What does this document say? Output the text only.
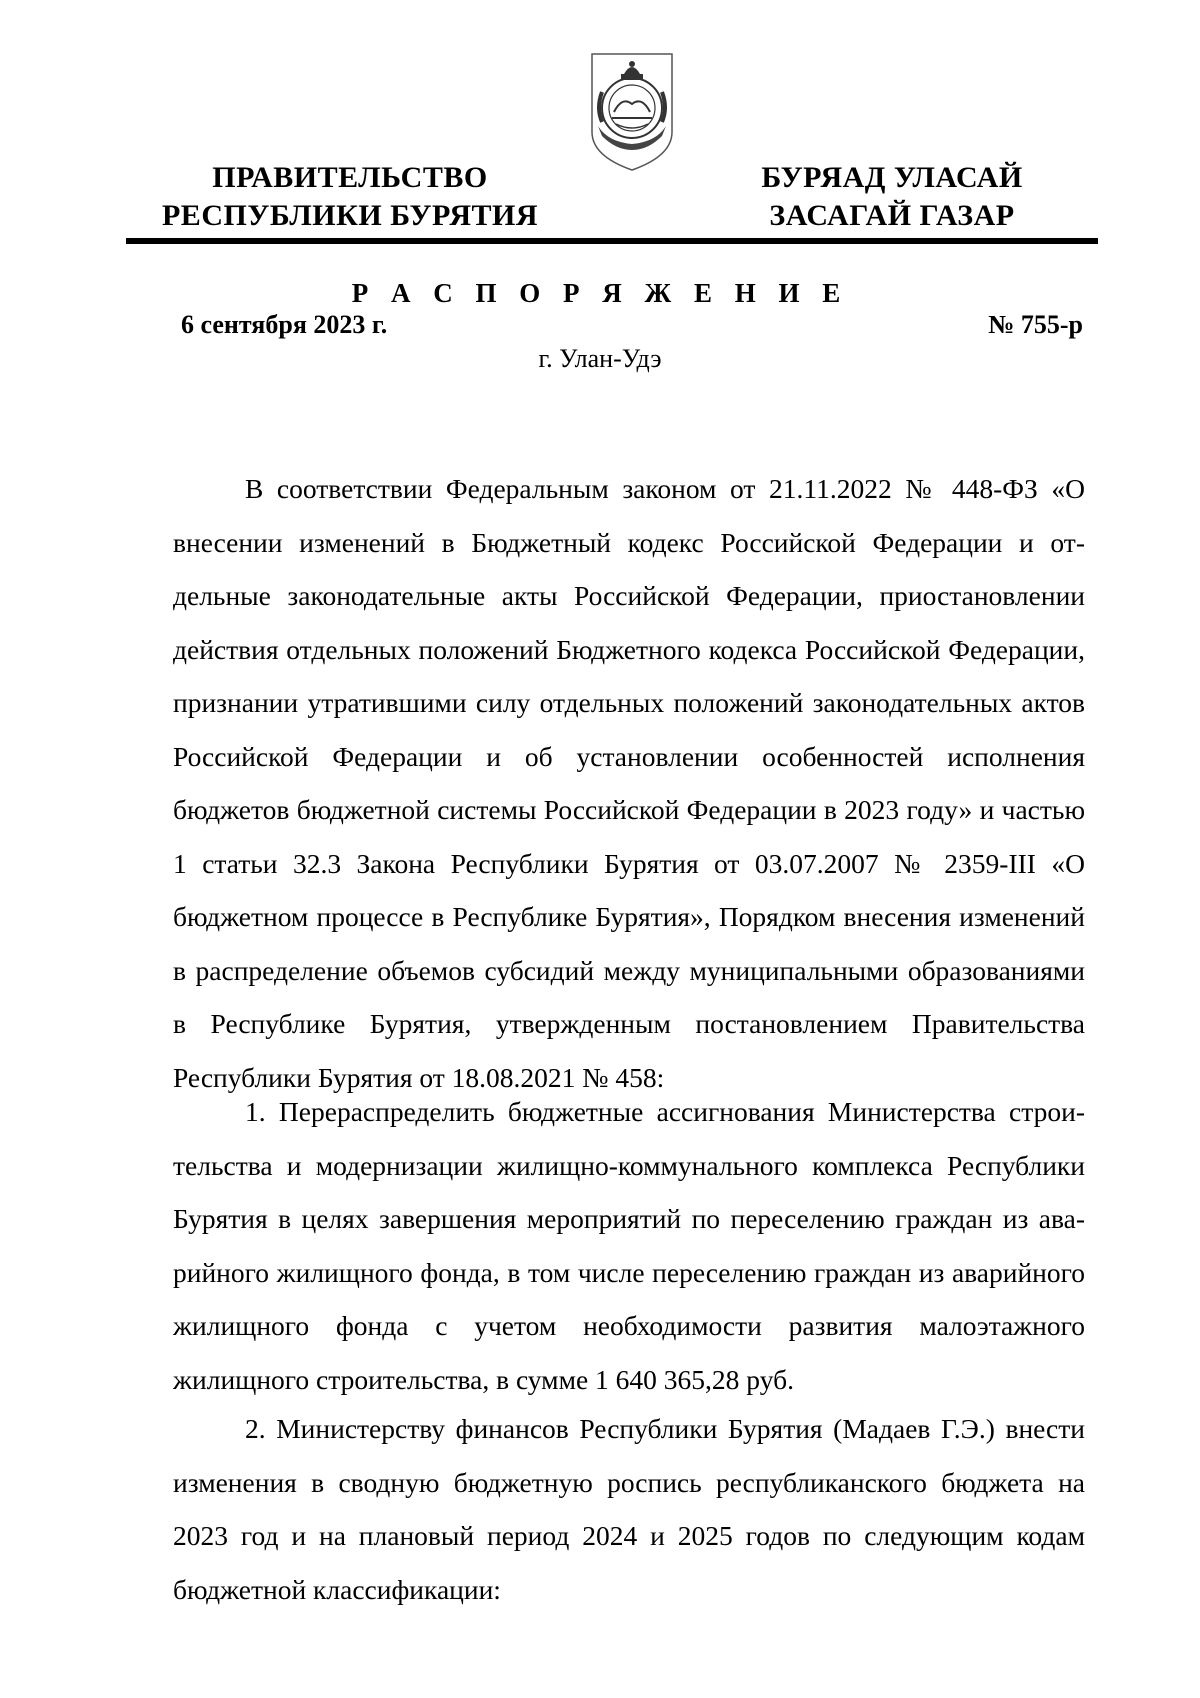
ПРАВИТЕЛЬСТВО
РЕСПУБЛИКИ БУРЯТИЯ
БУРЯАД УЛАСАЙ
ЗАСАГАЙ ГАЗАР
Р А С П О Р Я Ж Е Н И Е
6 сентября 2023 г.	№ 755-р
г. Улан-Удэ

В соответствии Федеральным законом от 21.11.2022 № 448-ФЗ «О внесении изменений в Бюджетный кодекс Российской Федерации и отдельные законодательные акты Российской Федерации, приостановлении действия отдельных положений Бюджетного кодекса Российской Федерации, признании утратившими силу отдельных положений законодательных актов Российской Федерации и об установлении особенностей исполнения бюджетов бюджетной системы Российской Федерации в 2023 году» и частью 1 статьи 32.3 Закона Республики Бурятия от 03.07.2007 № 2359-III «О бюджетном процессе в Республике Бурятия», Порядком внесения изменений в распределение объемов субсидий между муниципальными образованиями в Республике Бурятия, утвержденным постановлением Правительства Республики Бурятия от 18.08.2021 № 458:

1. Перераспределить бюджетные ассигнования Министерства строительства и модернизации жилищно-коммунального комплекса Республики Бурятия в целях завершения мероприятий по переселению граждан из аварийного жилищного фонда, в том числе переселению граждан из аварийного жилищного фонда с учетом необходимости развития малоэтажного жилищного строительства, в сумме 1 640 365,28 руб.

2. Министерству финансов Республики Бурятия (Мадаев Г.Э.) внести изменения в сводную бюджетную роспись республиканского бюджета на 2023 год и на плановый период 2024 и 2025 годов по следующим кодам бюджетной классификации:
